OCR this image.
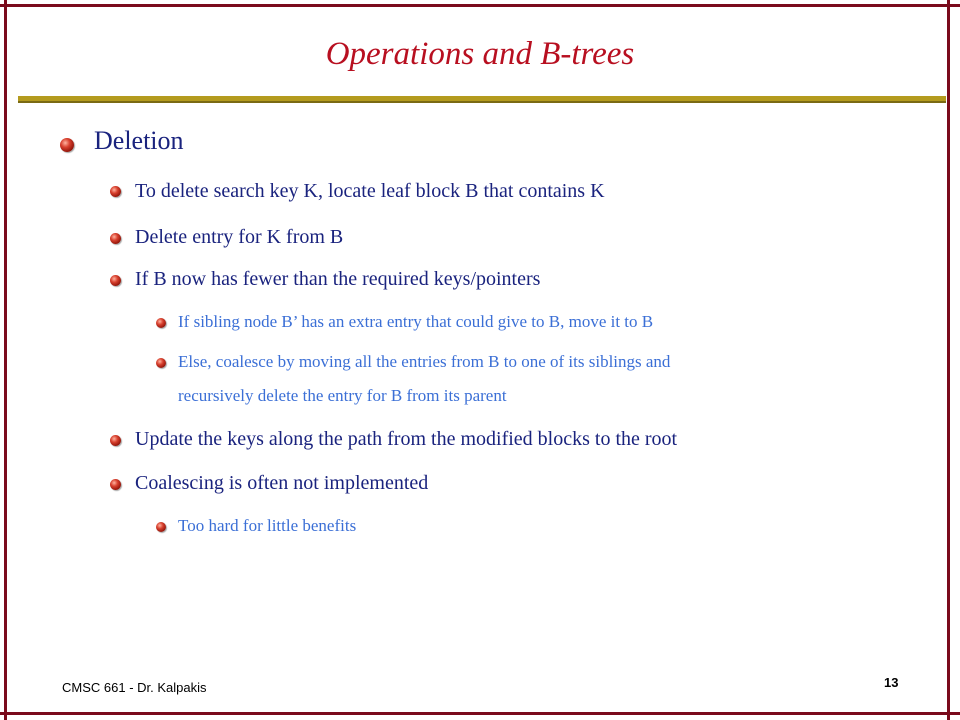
Operations and B-trees
Deletion
To delete search key K, locate leaf block B that contains K
Delete entry for K from B
If B now has fewer than the required keys/pointers
If sibling node B’ has an extra entry that could give to B, move it to B
Else, coalesce by moving all the entries from B to one of its siblings and
recursively delete the entry for B from its parent
Update the keys along the path from the modified blocks to the root
Coalescing is often not implemented
Too hard for little benefits
CMSC 661 - Dr. Kalpakis	13
